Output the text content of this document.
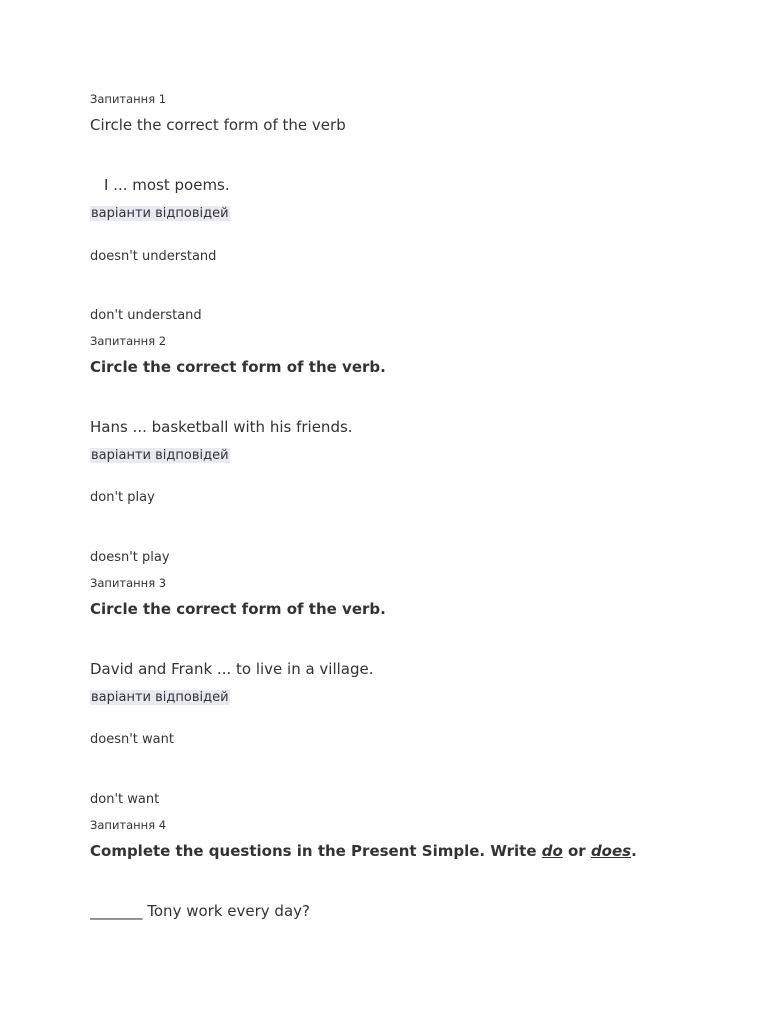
Запитання 1
Circle the correct form of the verb
I ... most poems.
варіанти відповідей
doesn't understand
don't understand
Запитання 2
Circle the correct form of the verb.
Hans ... basketball with his friends.
варіанти відповідей
don't play
doesn't play
Запитання 3
Circle the correct form of the verb.
David and Frank ... to live in a village.
варіанти відповідей
doesn't want
don't want
Запитання 4
Complete the questions in the Present Simple. Write do or does.
_______ Tony work every day?
